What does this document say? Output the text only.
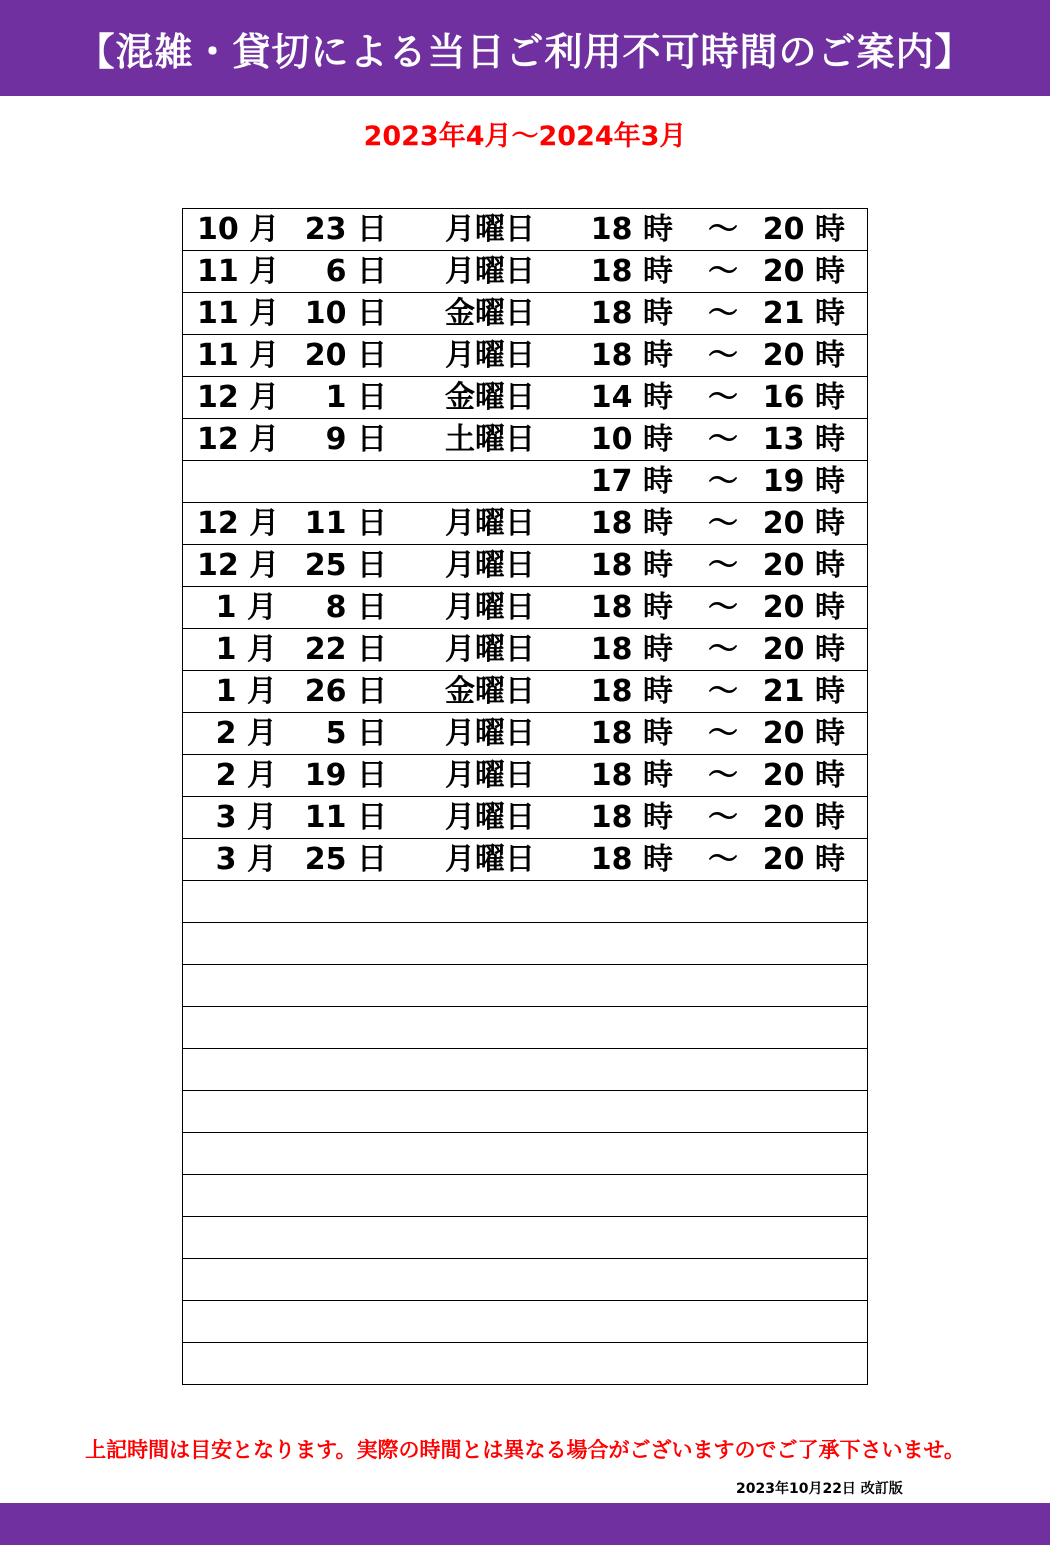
【混雑・貸切による当日ご利用不可時間のご案内】
2023年4月～2024年3月
10 月 23 日 月曜日 18 時 ～ 20 時
11 月	6 日 月曜日 18 時 ～ 20 時
11 月 10 日 金曜日 18 時 ～ 21 時
11 月 20 日 月曜日 18 時 ～ 20 時
12 月	1 日 金曜日 14 時 ～ 16 時
12 月	9 日 土曜日 10 時 ～ 13 時
17 時 ～ 19 時
12 月 11 日 月曜日 18 時 ～ 20 時
12 月 25 日 月曜日 18 時 ～ 20 時
1 月	8 日 月曜日 18 時 ～ 20 時
1 月 22 日 月曜日 18 時 ～ 20 時
1 月 26 日 金曜日 18 時 ～ 21 時
2 月	5 日 月曜日 18 時 ～ 20 時
2 月 19 日 月曜日 18 時 ～ 20 時
3 月 11 日 月曜日 18 時 ～ 20 時
3 月 25 日 月曜日 18 時 ～ 20 時
上記時間は目安となります。実際の時間とは異なる場合がございますのでご了承下さいませ。
2023年10月22日 改訂版
